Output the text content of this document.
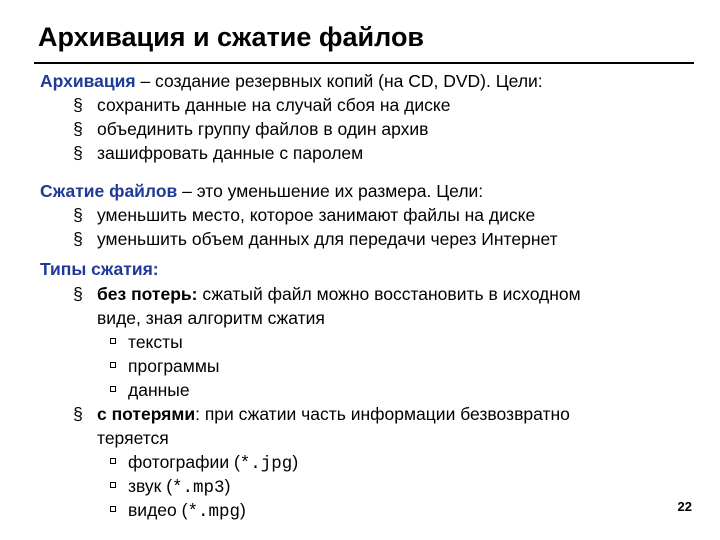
Архивация и сжатие файлов
Архивация – создание резервных копий (на CD, DVD). Цели:
§ сохранить данные на случай сбоя на диске
§ объединить группу файлов в один архив
§ зашифровать данные с паролем
Сжатие файлов – это уменьшение их размера. Цели:
§ уменьшить место, которое занимают файлы на диске
§ уменьшить объем данных для передачи через Интернет
Типы сжатия:
§ без потерь: сжатый файл можно восстановить в исходном
виде, зная алгоритм сжатия
тексты
программы
данные
§ с потерями: при сжатии часть информации безвозвратно
теряется
фотографии (*.jpg)
звук (*.mp3)
видео (*.mpg)	22
